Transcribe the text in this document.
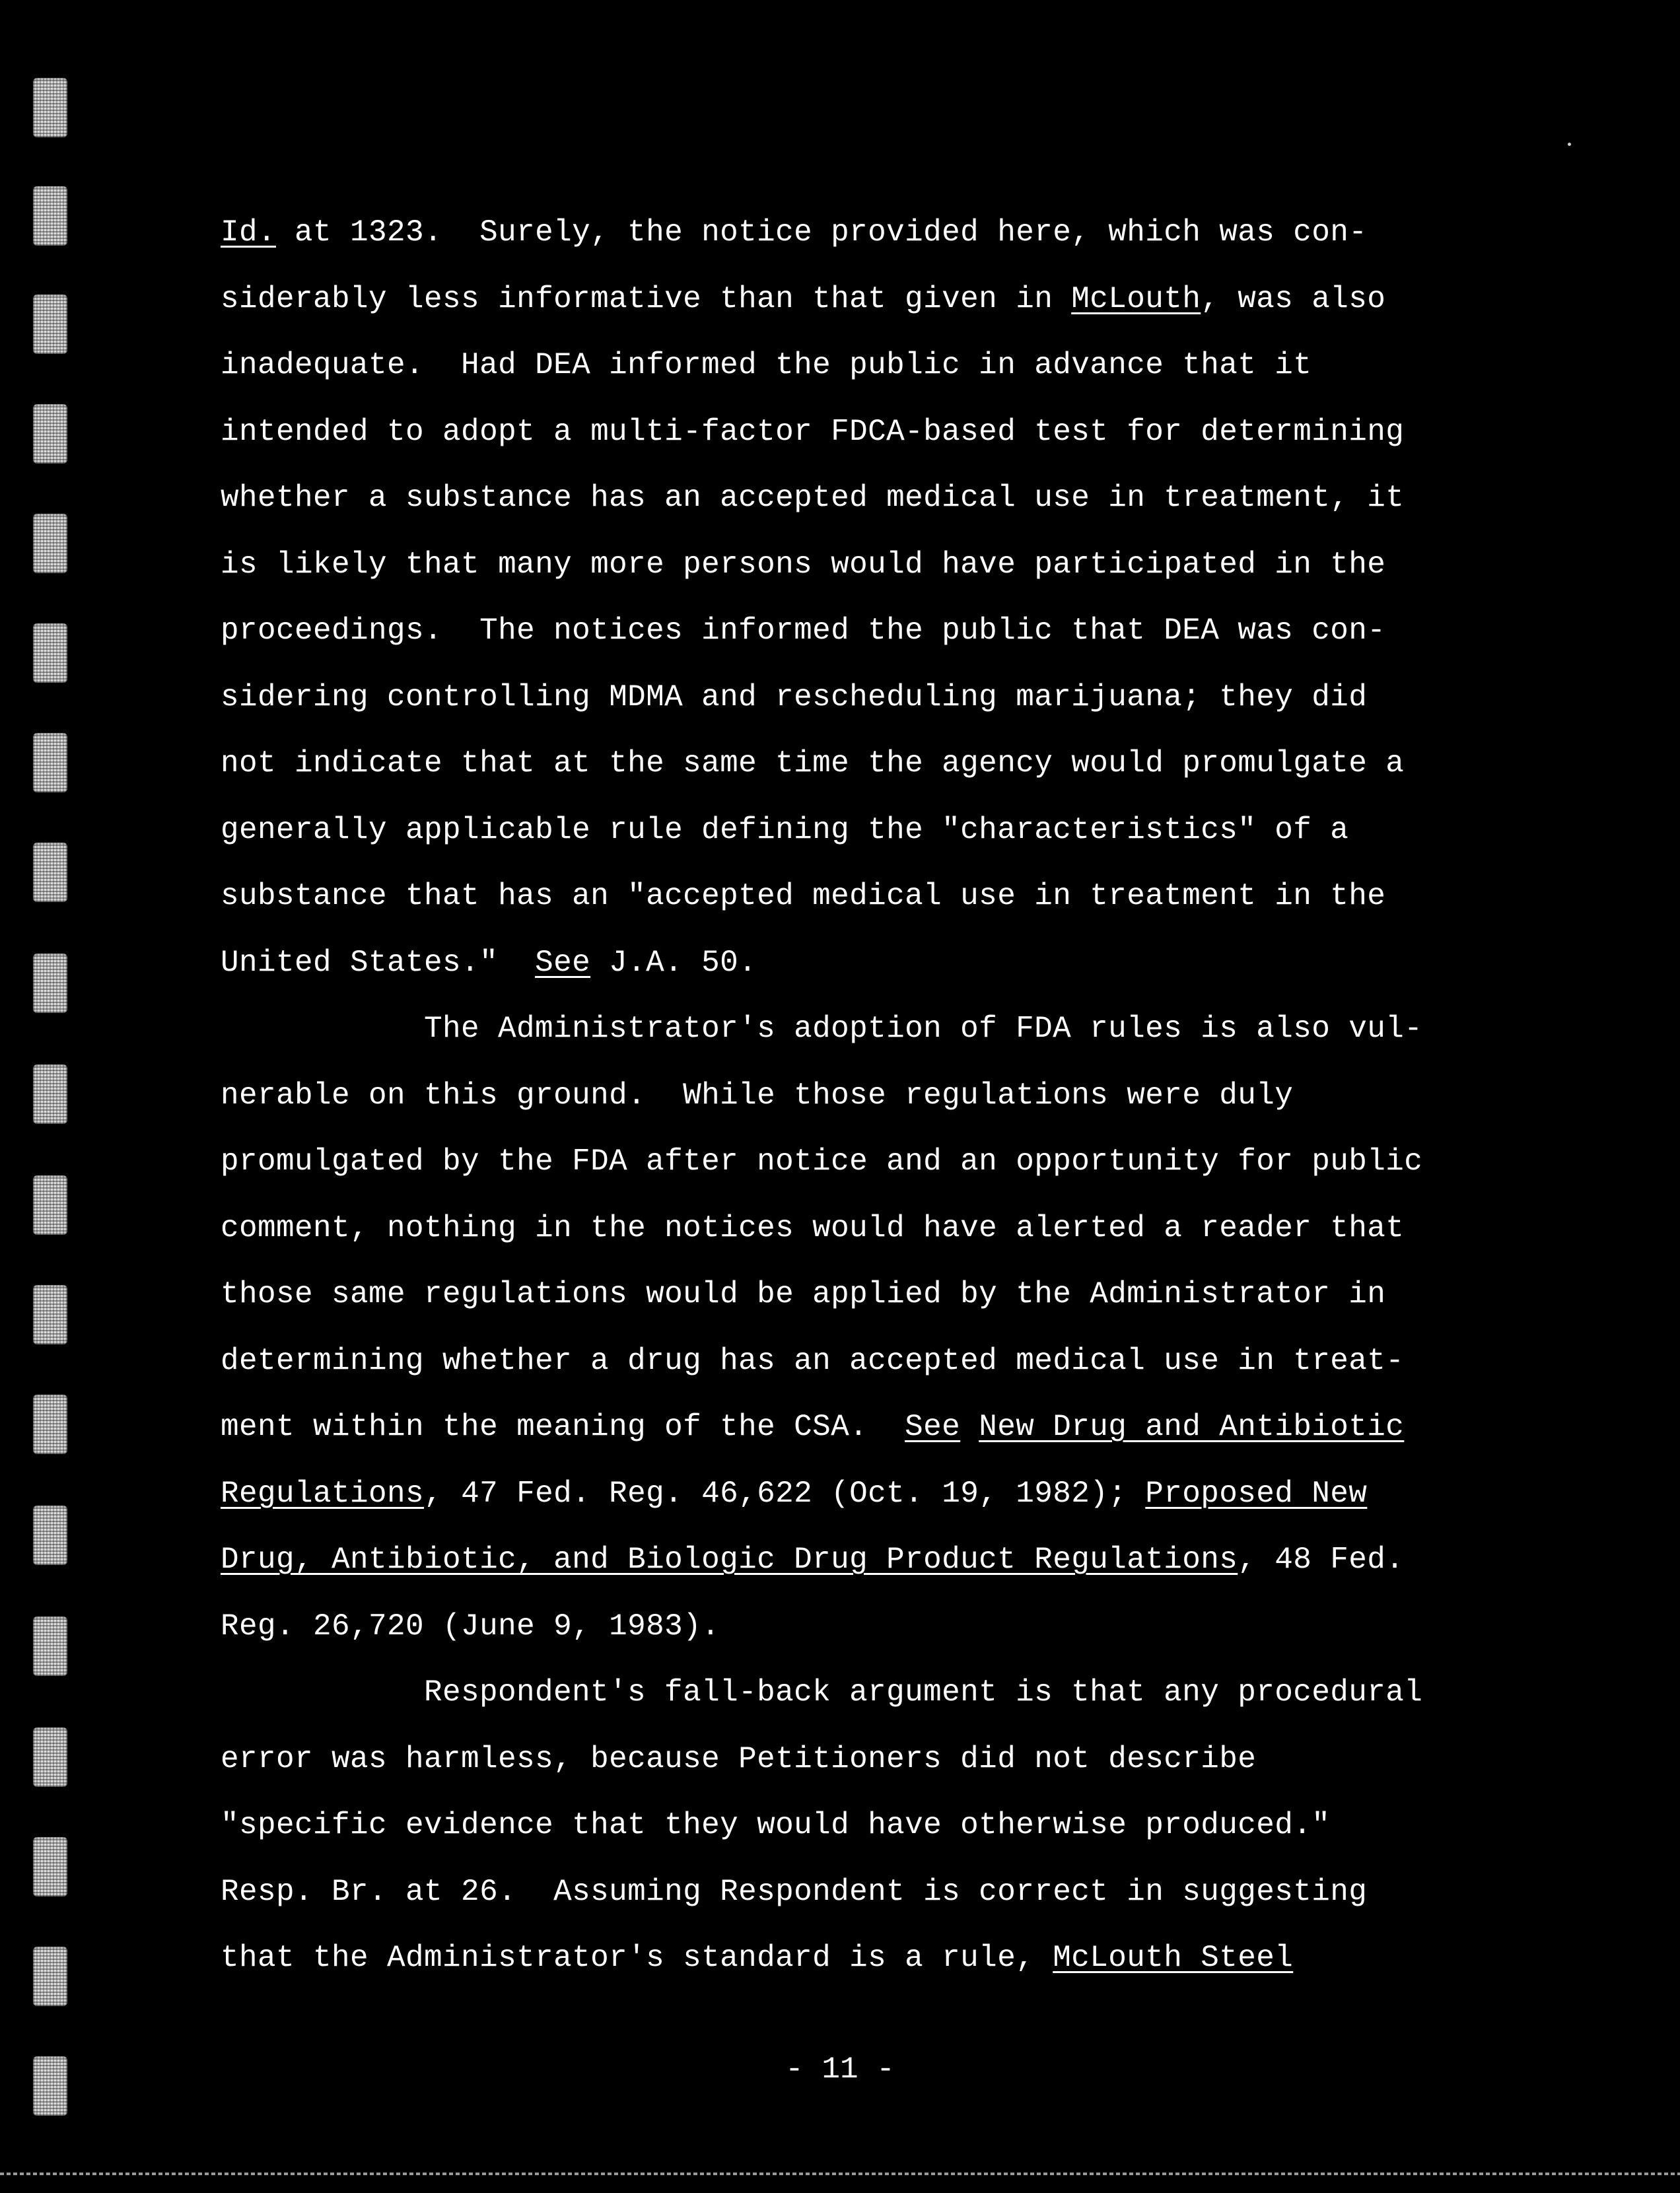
Id. at 1323.  Surely, the notice provided here, which was con-
siderably less informative than that given in McLouth, was also
inadequate.  Had DEA informed the public in advance that it
intended to adopt a multi-factor FDCA-based test for determining
whether a substance has an accepted medical use in treatment, it
is likely that many more persons would have participated in the
proceedings.  The notices informed the public that DEA was con-
sidering controlling MDMA and rescheduling marijuana; they did
not indicate that at the same time the agency would promulgate a
generally applicable rule defining the "characteristics" of a
substance that has an "accepted medical use in treatment in the
United States."  See J.A. 50.
The Administrator's adoption of FDA rules is also vul-
nerable on this ground.  While those regulations were duly
promulgated by the FDA after notice and an opportunity for public
comment, nothing in the notices would have alerted a reader that
those same regulations would be applied by the Administrator in
determining whether a drug has an accepted medical use in treat-
ment within the meaning of the CSA.  See New Drug and Antibiotic
Regulations, 47 Fed. Reg. 46,622 (Oct. 19, 1982); Proposed New
Drug, Antibiotic, and Biologic Drug Product Regulations, 48 Fed.
Reg. 26,720 (June 9, 1983).
Respondent's fall-back argument is that any procedural
error was harmless, because Petitioners did not describe
"specific evidence that they would have otherwise produced."
Resp. Br. at 26.  Assuming Respondent is correct in suggesting
that the Administrator's standard is a rule, McLouth Steel
- 11 -
